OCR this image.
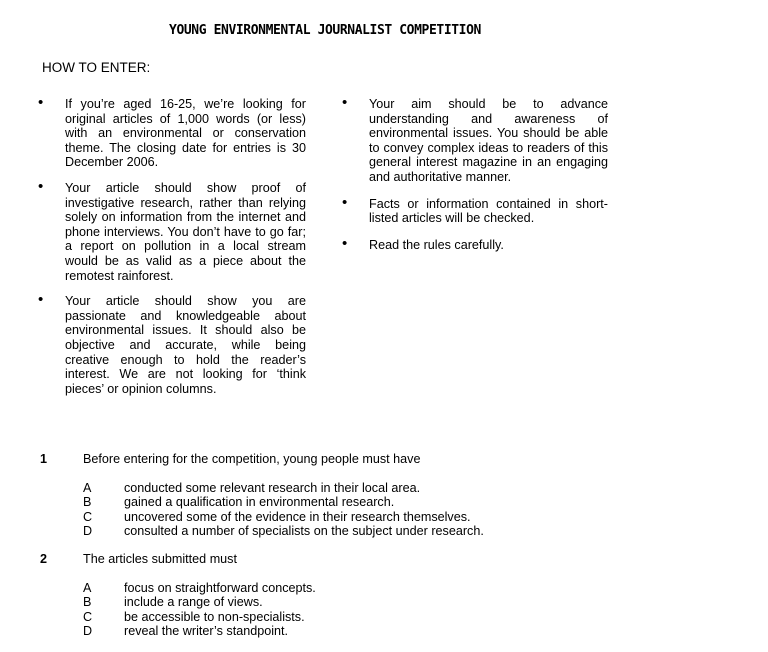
YOUNG ENVIRONMENTAL JOURNALIST COMPETITION
HOW TO ENTER:
• If you’re aged 16-25, we’re looking for original articles of 1,000 words (or less) with an environmental or conservation theme. The closing date for entries is 30 December 2006.
• Your article should show proof of investigative research, rather than relying solely on information from the internet and phone interviews. You don’t have to go far; a report on pollution in a local stream would be as valid as a piece about the remotest rainforest.
• Your article should show you are passionate and knowledgeable about environmental issues. It should also be objective and accurate, while being creative enough to hold the reader’s interest. We are not looking for ‘think pieces’ or opinion columns.
• Your aim should be to advance understanding and awareness of environmental issues. You should be able to convey complex ideas to readers of this general interest magazine in an engaging and authoritative manner.
• Facts or information contained in short-listed articles will be checked.
• Read the rules carefully.
1	Before entering for the competition, young people must have
A	conducted some relevant research in their local area.
B	gained a qualification in environmental research.
C	uncovered some of the evidence in their research themselves.
D	consulted a number of specialists on the subject under research.
2	The articles submitted must
A	focus on straightforward concepts.
B	include a range of views.
C	be accessible to non-specialists.
D	reveal the writer’s standpoint.
